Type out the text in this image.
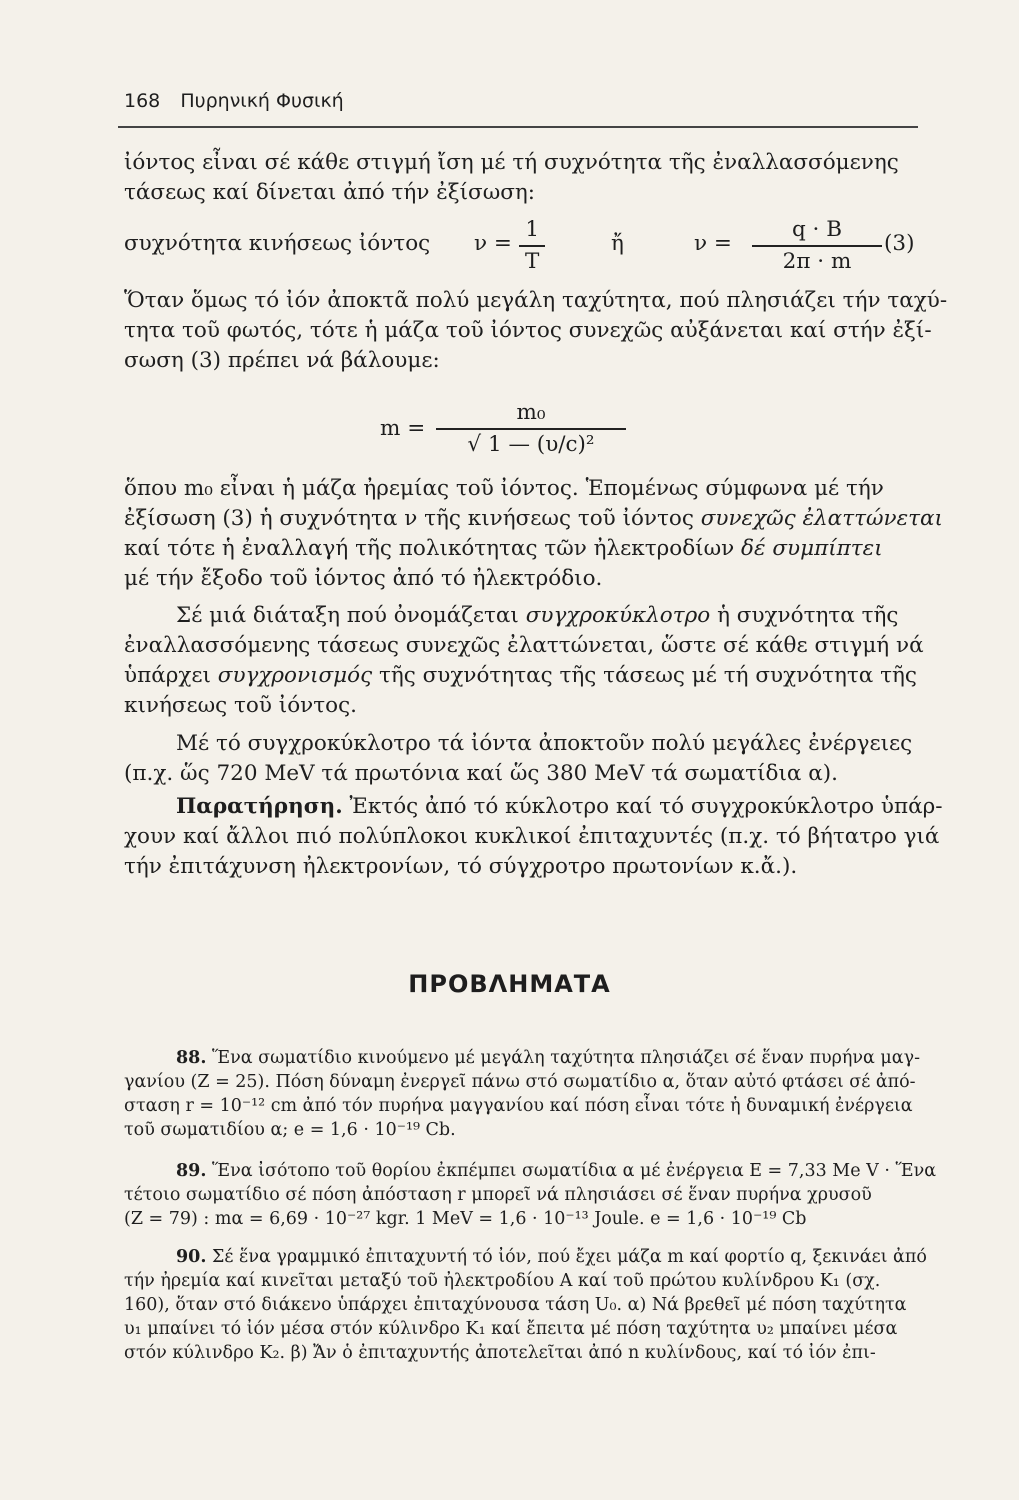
168 Πυρηνική Φυσική
ἰόντος εἶναι σέ κάθε στιγμή ἴση μέ τή συχνότητα τῆς ἐναλλασσόμενης
τάσεως καί δίνεται ἀπό τήν ἐξίσωση:
συχνότητα κινήσεως ἰόντος $\nu = \frac{1}{T}$	ἤ	$\nu = \frac{q \cdot B}{2\pi \cdot m} (3)$
Ὅταν ὅμως τό ἰόν ἀποκτᾶ πολύ μεγάλη ταχύτητα, πού πλησιάζει τήν ταχύ-
τητα τοῦ φωτός, τότε ἡ μάζα τοῦ ἰόντος συνεχῶς αὐξάνεται καί στήν ἐξί-
σωση (3) πρέπει νά βάλουμε:
$m = \frac{\text{m₀}}{\text{√ 1 — (υ/c)²}}$
ὅπου m₀ εἶναι ἡ μάζα ἠρεμίας τοῦ ἰόντος. Ἑπομένως σύμφωνα μέ τήν
ἐξίσωση (3) ἡ συχνότητα ν τῆς κινήσεως τοῦ ἰόντος συνεχῶς ἐλαττώνεται
καί τότε ἡ ἐναλλαγή τῆς πολικότητας τῶν ἠλεκτροδίων δέ συμπίπτει
μέ τήν ἔξοδο τοῦ ἰόντος ἀπό τό ἠλεκτρόδιο.
Σέ μιά διάταξη πού ὀνομάζεται συγχροκύκλοτρο ἡ συχνότητα τῆς
ἐναλλασσόμενης τάσεως συνεχῶς ἐλαττώνεται, ὥστε σέ κάθε στιγμή νά
ὑπάρχει συγχρονισμός τῆς συχνότητας τῆς τάσεως μέ τή συχνότητα τῆς
κινήσεως τοῦ ἰόντος.
Μέ τό συγχροκύκλοτρο τά ἰόντα ἀποκτοῦν πολύ μεγάλες ἐνέργειες
(π.χ. ὥς 720 MeV τά πρωτόνια καί ὥς 380 MeV τά σωματίδια α).
Παρατήρηση. Ἐκτός ἀπό τό κύκλοτρο καί τό συγχροκύκλοτρο ὑπάρ-
χουν καί ἄλλοι πιό πολύπλοκοι κυκλικοί ἐπιταχυντές (π.χ. τό βήτατρο γιά
τήν ἐπιτάχυνση ἠλεκτρονίων, τό σύγχροτρο πρωτονίων κ.ἄ.).
ΠΡΟΒΛΗΜΑΤΑ
88. Ἕνα σωματίδιο κινούμενο μέ μεγάλη ταχύτητα πλησιάζει σέ ἕναν πυρήνα μαγ-
γανίου (Z = 25). Πόση δύναμη ἐνεργεῖ πάνω στό σωματίδιο α, ὅταν αὐτό φτάσει σέ ἀπό-
σταση r = 10⁻¹² cm ἀπό τόν πυρήνα μαγγανίου καί πόση εἶναι τότε ἡ δυναμική ἐνέργεια
τοῦ σωματιδίου α; e = 1,6 · 10⁻¹⁹ Cb.
89. Ἕνα ἰσότοπο τοῦ θορίου ἐκπέμπει σωματίδια α μέ ἐνέργεια E = 7,33 Me V · Ἕνα
τέτοιο σωματίδιο σέ πόση ἀπόσταση r μπορεῖ νά πλησιάσει σέ ἕναν πυρήνα χρυσοῦ
(Z = 79) : mα = 6,69 · 10⁻²⁷ kgr. 1 MeV = 1,6 · 10⁻¹³ Joule. e = 1,6 · 10⁻¹⁹ Cb
90. Σέ ἕνα γραμμικό ἐπιταχυντή τό ἰόν, πού ἔχει μάζα m καί φορτίο q, ξεκινάει ἀπό
τήν ἠρεμία καί κινεῖται μεταξύ τοῦ ἠλεκτροδίου A καί τοῦ πρώτου κυλίνδρου K₁ (σχ.
160), ὅταν στό διάκενο ὑπάρχει ἐπιταχύνουσα τάση U₀. α) Νά βρεθεῖ μέ πόση ταχύτητα
υ₁ μπαίνει τό ἰόν μέσα στόν κύλινδρο K₁ καί ἔπειτα μέ πόση ταχύτητα υ₂ μπαίνει μέσα
στόν κύλινδρο K₂. β) Ἄν ὁ ἐπιταχυντής ἀποτελεῖται ἀπό n κυλίνδους, καί τό ἰόν ἐπι-
